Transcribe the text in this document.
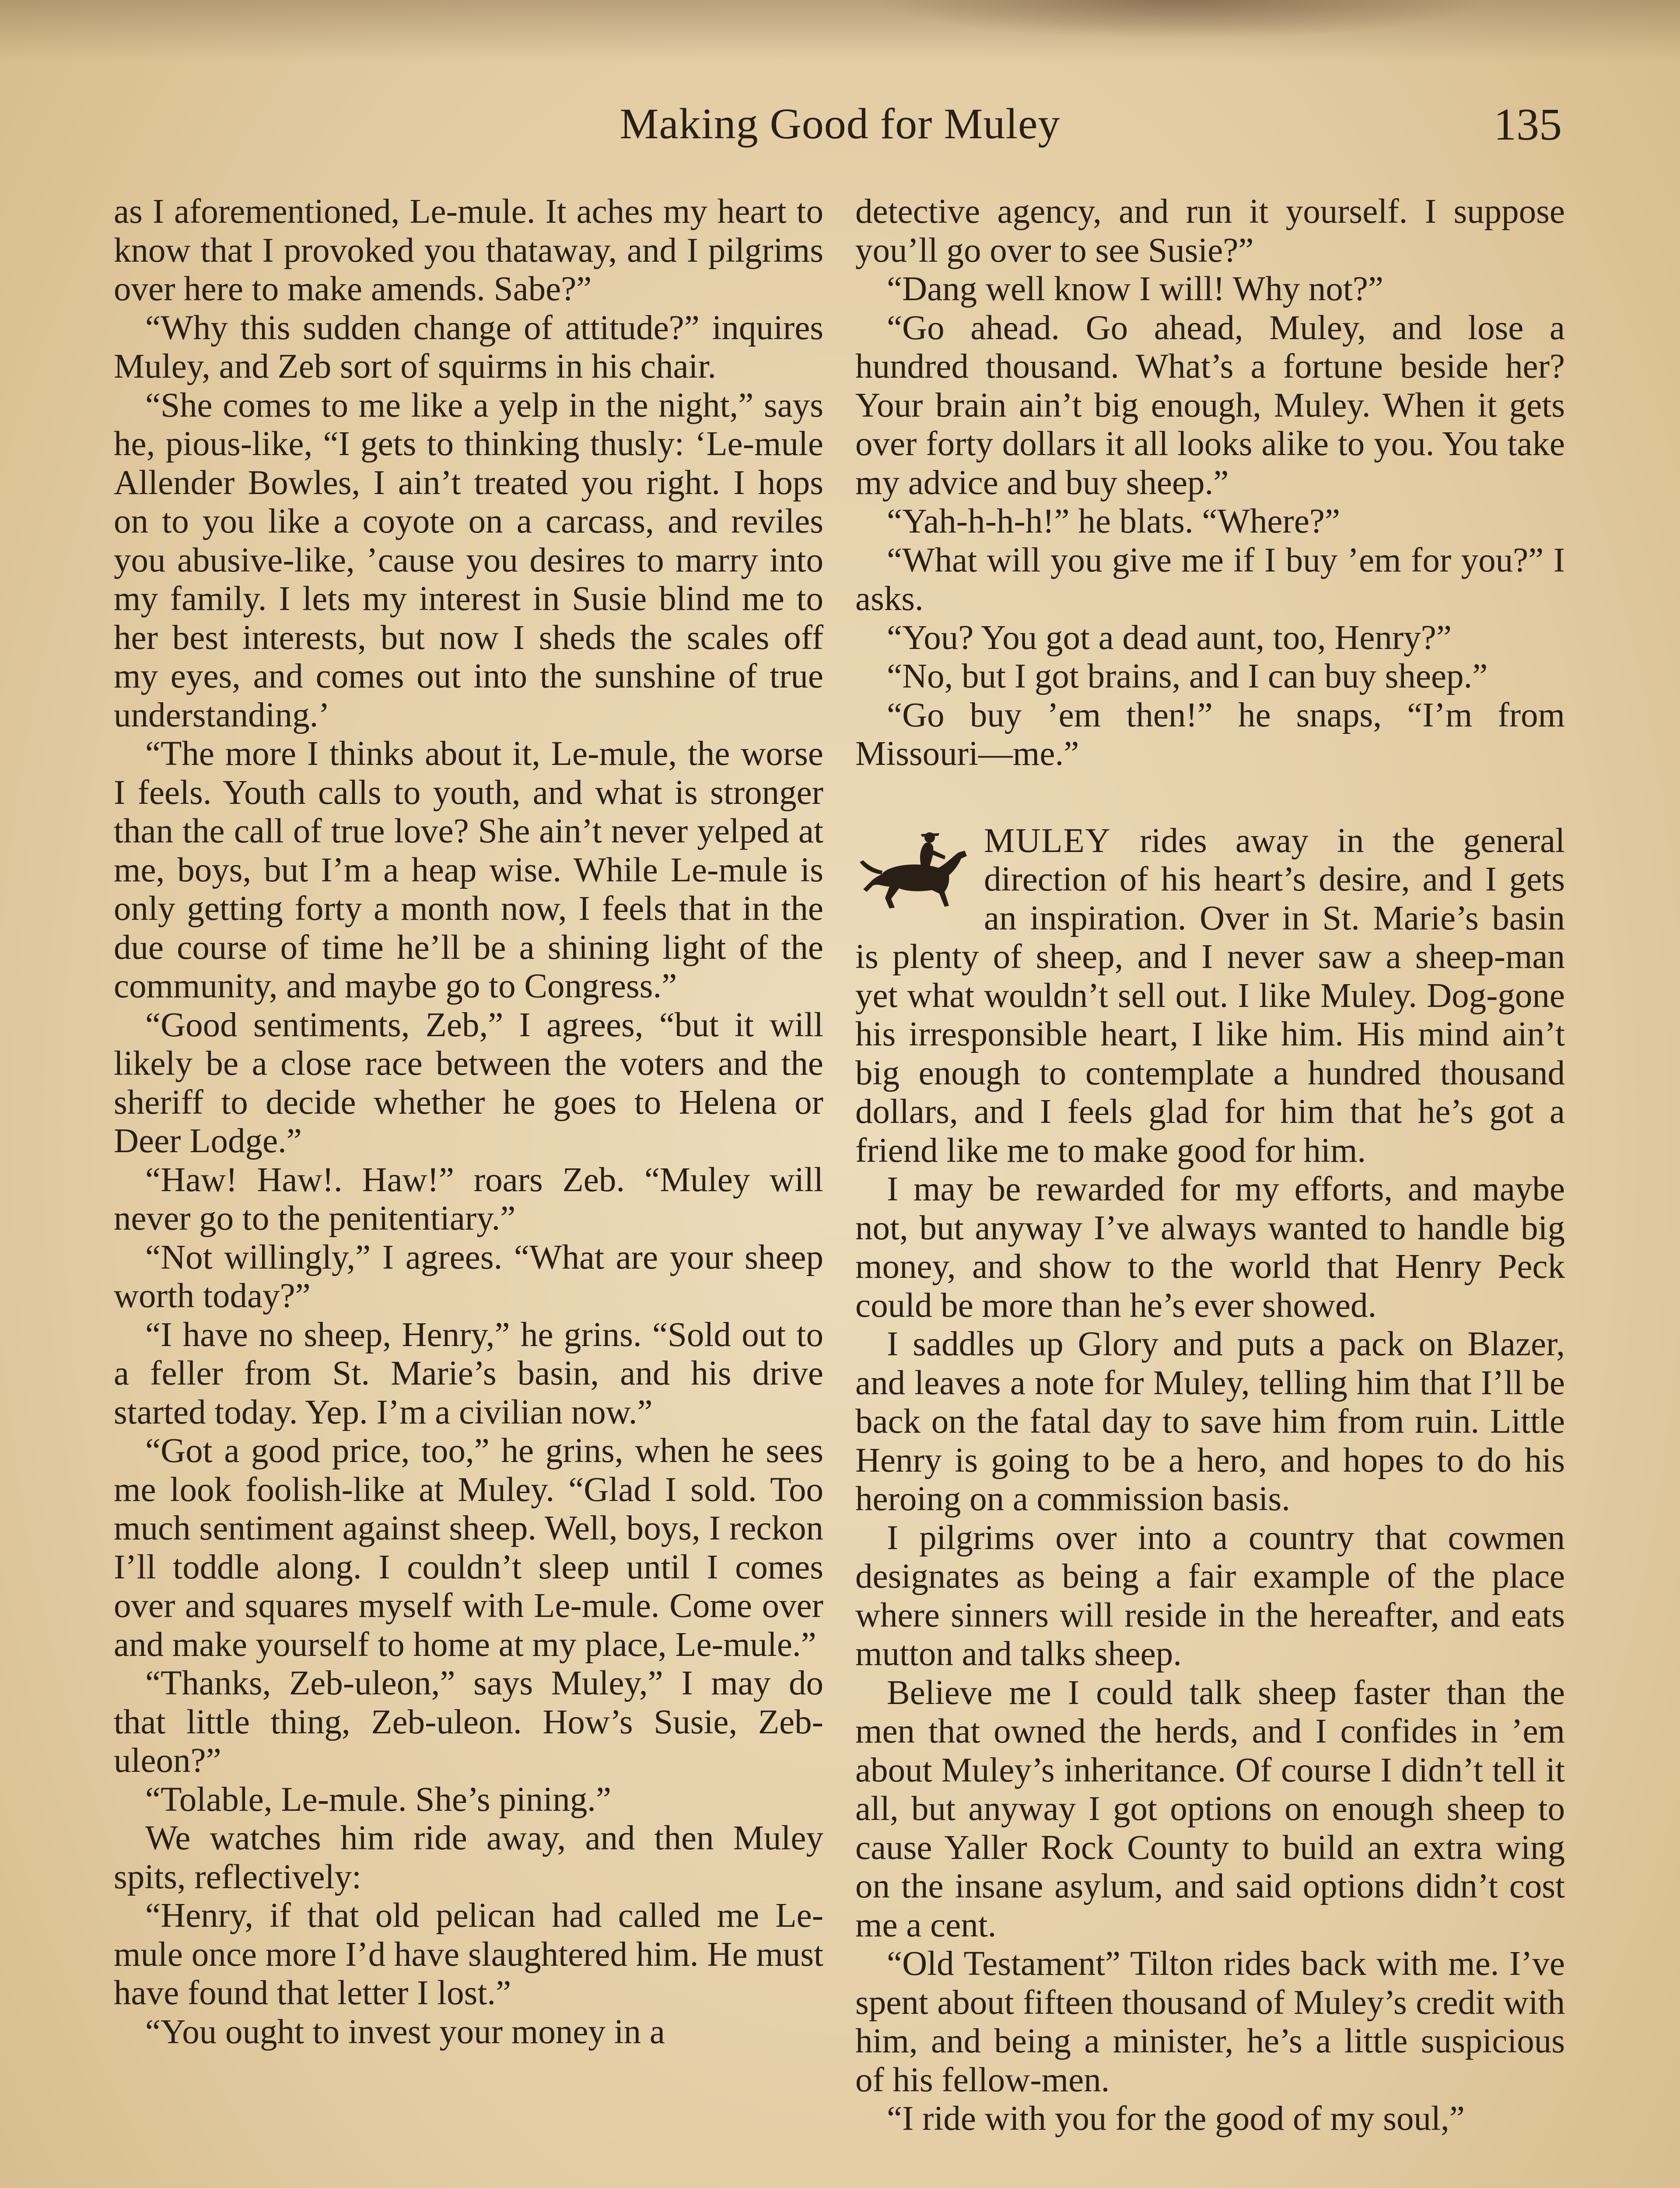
Making Good for Muley	135

as I aforementioned, Le-mule. It aches my heart to know that I provoked you thataway, and I pilgrims over here to make amends. Sabe?”

“Why this sudden change of attitude?” inquires Muley, and Zeb sort of squirms in his chair.

“She comes to me like a yelp in the night,” says he, pious-like, “I gets to thinking thusly: ‘Le-mule Allender Bowles, I ain’t treated you right. I hops on to you like a coyote on a carcass, and reviles you abusive-like, ’cause you desires to marry into my family. I lets my interest in Susie blind me to her best interests, but now I sheds the scales off my eyes, and comes out into the sunshine of true understanding.’

“The more I thinks about it, Le-mule, the worse I feels. Youth calls to youth, and what is stronger than the call of true love? She ain’t never yelped at me, boys, but I’m a heap wise. While Le-mule is only getting forty a month now, I feels that in the due course of time he’ll be a shining light of the community, and maybe go to Congress.”

“Good sentiments, Zeb,” I agrees, “but it will likely be a close race between the voters and the sheriff to decide whether he goes to Helena or Deer Lodge.”

“Haw! Haw!. Haw!” roars Zeb. “Muley will never go to the penitentiary.”

“Not willingly,” I agrees. “What are your sheep worth today?”

“I have no sheep, Henry,” he grins. “Sold out to a feller from St. Marie’s basin, and his drive started today. Yep. I’m a civilian now.”

“Got a good price, too,” he grins, when he sees me look foolish-like at Muley. “Glad I sold. Too much sentiment against sheep. Well, boys, I reckon I’ll toddle along. I couldn’t sleep until I comes over and squares myself with Le-mule. Come over and make yourself to home at my place, Le-mule.”

“Thanks, Zeb-uleon,” says Muley,” I may do that little thing, Zeb-uleon. How’s Susie, Zeb-uleon?”

“Tolable, Le-mule. She’s pining.”

We watches him ride away, and then Muley spits, reflectively:

“Henry, if that old pelican had called me Le-mule once more I’d have slaughtered him. He must have found that letter I lost.”

“You ought to invest your money in a

detective agency, and run it yourself. I suppose you’ll go over to see Susie?”

“Dang well know I will! Why not?”

“Go ahead. Go ahead, Muley, and lose a hundred thousand. What’s a fortune beside her? Your brain ain’t big enough, Muley. When it gets over forty dollars it all looks alike to you. You take my advice and buy sheep.”

“Yah-h-h-h!” he blats. “Where?”

“What will you give me if I buy ’em for you?” I asks.

“You? You got a dead aunt, too, Henry?”

“No, but I got brains, and I can buy sheep.”

“Go buy ’em then!” he snaps, “I’m from Missouri—me.”

MULEY rides away in the general direction of his heart’s desire, and I gets an inspiration. Over in St. Marie’s basin is plenty of sheep, and I never saw a sheep-man yet what wouldn’t sell out. I like Muley. Dog-gone his irresponsible heart, I like him. His mind ain’t big enough to contemplate a hundred thousand dollars, and I feels glad for him that he’s got a friend like me to make good for him.

I may be rewarded for my efforts, and maybe not, but anyway I’ve always wanted to handle big money, and show to the world that Henry Peck could be more than he’s ever showed.

I saddles up Glory and puts a pack on Blazer, and leaves a note for Muley, telling him that I’ll be back on the fatal day to save him from ruin. Little Henry is going to be a hero, and hopes to do his heroing on a commission basis.

I pilgrims over into a country that cowmen designates as being a fair example of the place where sinners will reside in the hereafter, and eats mutton and talks sheep.

Believe me I could talk sheep faster than the men that owned the herds, and I confides in ’em about Muley’s inheritance. Of course I didn’t tell it all, but anyway I got options on enough sheep to cause Yaller Rock County to build an extra wing on the insane asylum, and said options didn’t cost me a cent.

“Old Testament” Tilton rides back with me. I’ve spent about fifteen thousand of Muley’s credit with him, and being a minister, he’s a little suspicious of his fellow-men.

“I ride with you for the good of my soul,”
